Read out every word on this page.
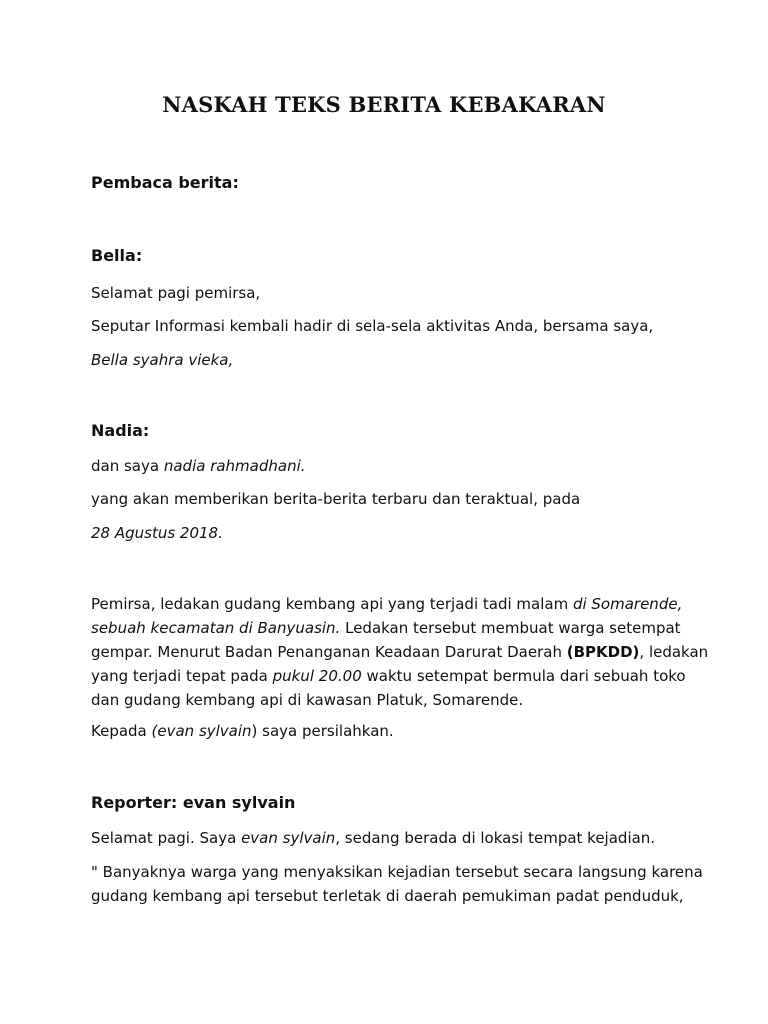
NASKAH TEKS BERITA KEBAKARAN
Pembaca berita:
Bella:
Selamat pagi pemirsa,
Seputar Informasi kembali hadir di sela-sela aktivitas Anda, bersama saya,
Bella syahra vieka,
Nadia:
dan saya nadia rahmadhani.
yang akan memberikan berita-berita terbaru dan teraktual, pada
28 Agustus 2018.

Pemirsa, ledakan gudang kembang api yang terjadi tadi malam di Somarende,

sebuah kecamatan di Banyuasin. Ledakan tersebut membuat warga setempat

gempar. Menurut Badan Penanganan Keadaan Darurat Daerah (BPKDD), ledakan

yang terjadi tepat pada pukul 20.00 waktu setempat bermula dari sebuah toko

dan gudang kembang api di kawasan Platuk, Somarende.

Kepada (evan sylvain) saya persilahkan.
Reporter: evan sylvain
Selamat pagi. Saya evan sylvain, sedang berada di lokasi tempat kejadian.

" Banyaknya warga yang menyaksikan kejadian tersebut secara langsung karena

gudang kembang api tersebut terletak di daerah pemukiman padat penduduk,
